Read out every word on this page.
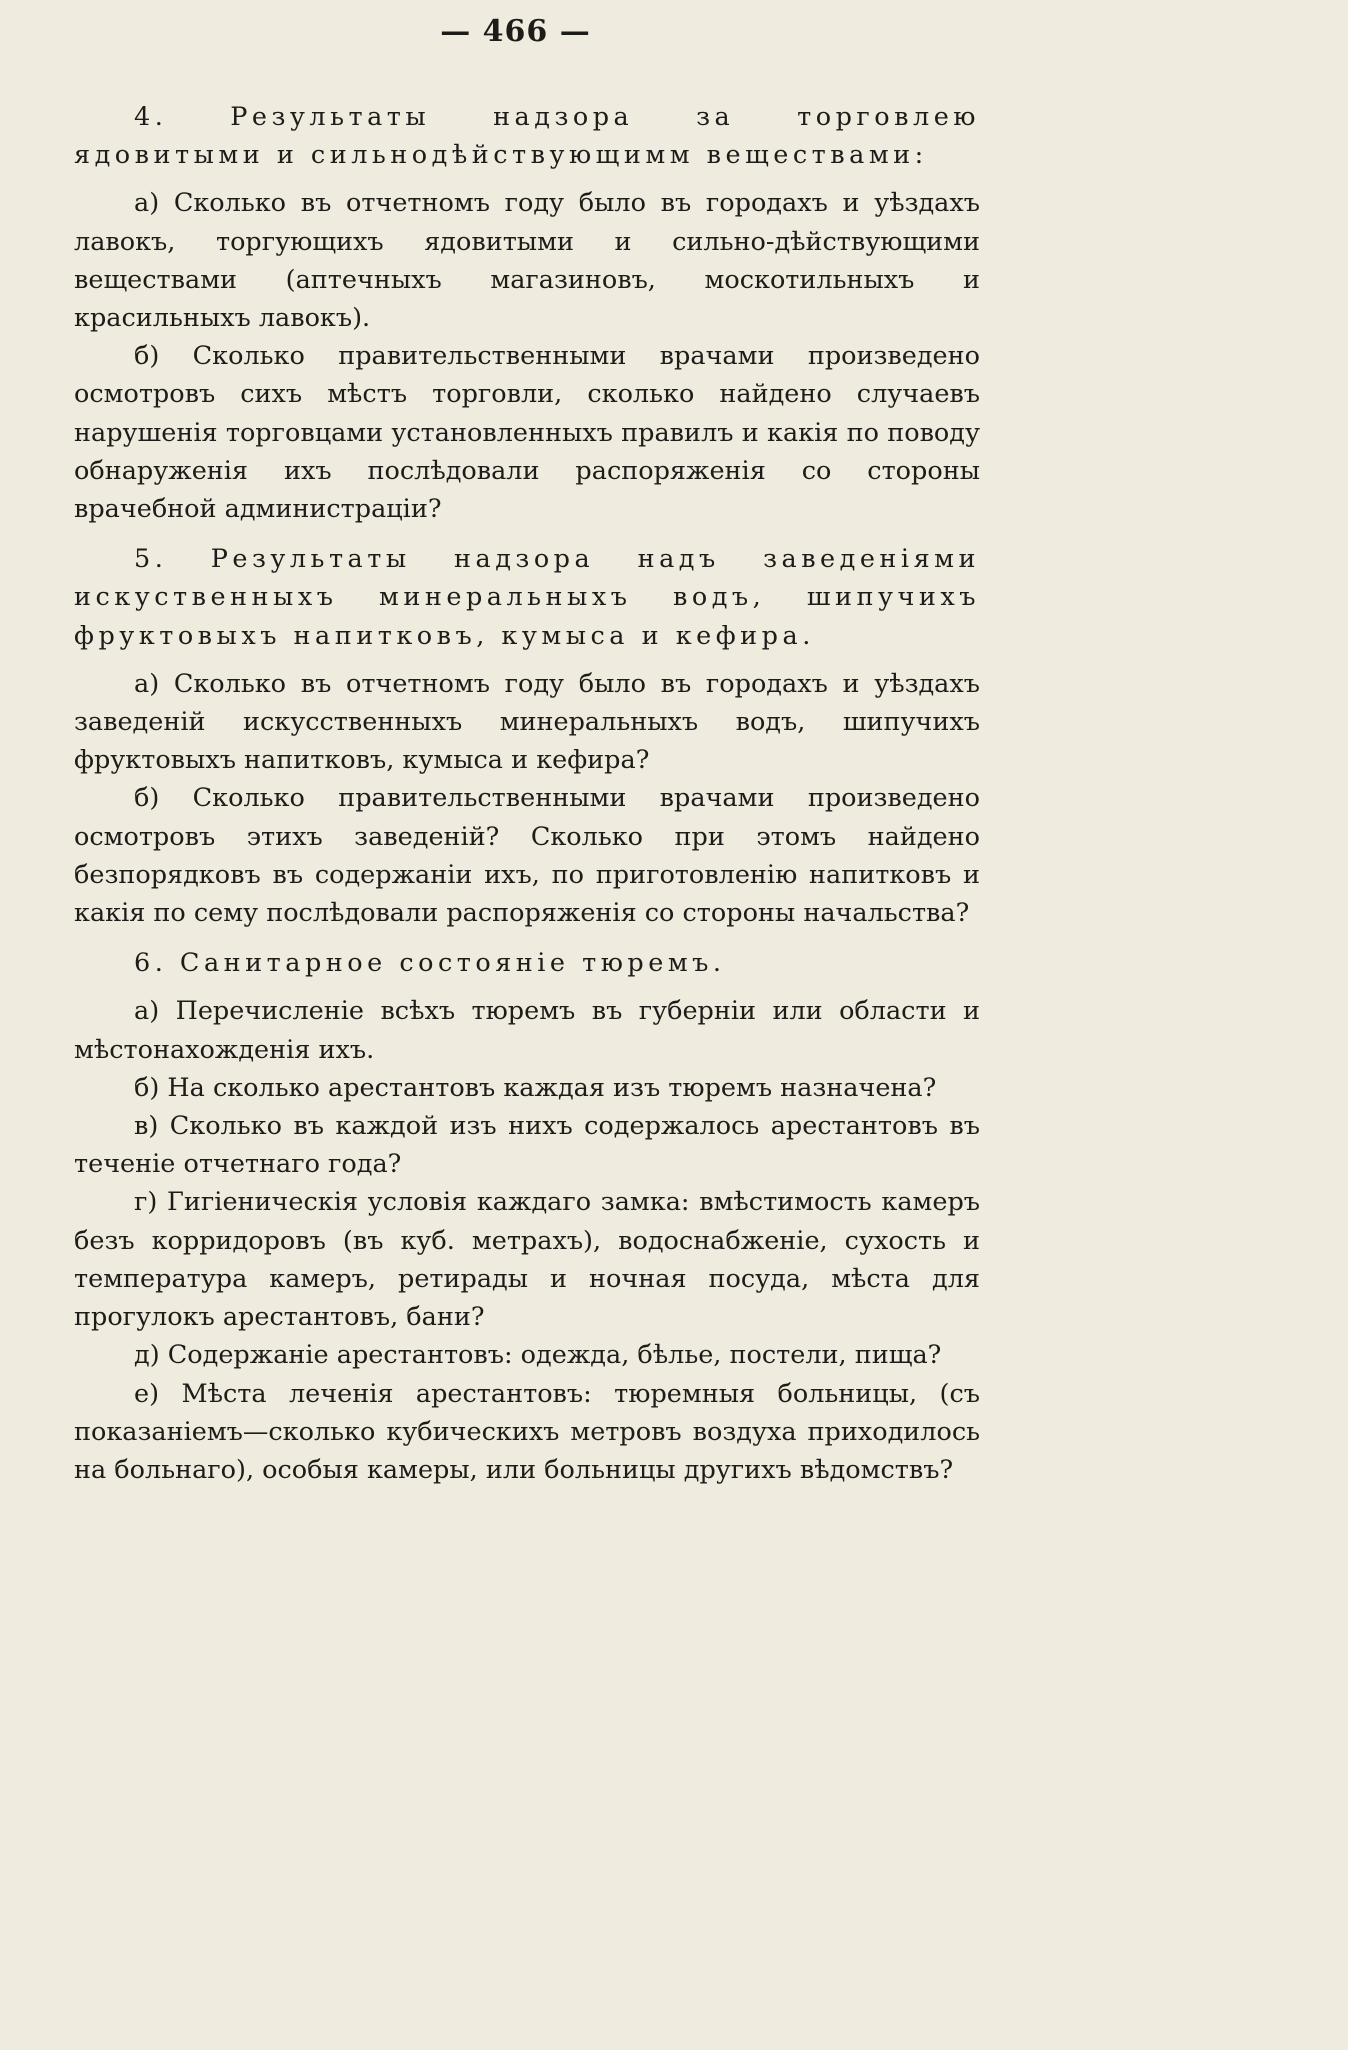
— 466 —

4. Результаты надзора за торговлею ядовитыми и сильнодѣйствующимм веществами:

а) Сколько въ отчетномъ году было въ городахъ и уѣздахъ лавокъ, торгующихъ ядовитыми и сильно-дѣйствующими веществами (аптечныхъ магазиновъ, москотильныхъ и красильныхъ лавокъ).

б) Сколько правительственными врачами произведено осмотровъ сихъ мѣстъ торговли, сколько найдено случаевъ нарушенія торговцами установленныхъ правилъ и какія по поводу обнаруженія ихъ послѣдовали распоряженія со стороны врачебной администраціи?

5. Результаты надзора надъ заведеніями искуственныхъ минеральныхъ водъ, шипучихъ фруктовыхъ напитковъ, кумыса и кефира.

а) Сколько въ отчетномъ году было въ городахъ и уѣздахъ заведеній искусственныхъ минеральныхъ водъ, шипучихъ фруктовыхъ напитковъ, кумыса и кефира?

б) Сколько правительственными врачами произведено осмотровъ этихъ заведеній? Сколько при этомъ найдено безпорядковъ въ содержаніи ихъ, по приготовленію напитковъ и какія по сему послѣдовали распоряженія со стороны начальства?

6. Санитарное состояніе тюремъ.

а) Перечисленіе всѣхъ тюремъ въ губерніи или области и мѣстонахожденія ихъ.

б) На сколько арестантовъ каждая изъ тюремъ назначена?

в) Сколько въ каждой изъ нихъ содержалось арестантовъ въ теченіе отчетнаго года?

г) Гигіеническія условія каждаго замка: вмѣстимость камеръ безъ корридоровъ (въ куб. метрахъ), водоснабженіе, сухость и температура камеръ, ретирады и ночная посуда, мѣста для прогулокъ арестантовъ, бани?

д) Содержаніе арестантовъ: одежда, бѣлье, постели, пища?

е) Мѣста леченія арестантовъ: тюремныя больницы, (съ показаніемъ—сколько кубическихъ метровъ воздуха приходилось на больнаго), особыя камеры, или больницы другихъ вѣдомствъ?
